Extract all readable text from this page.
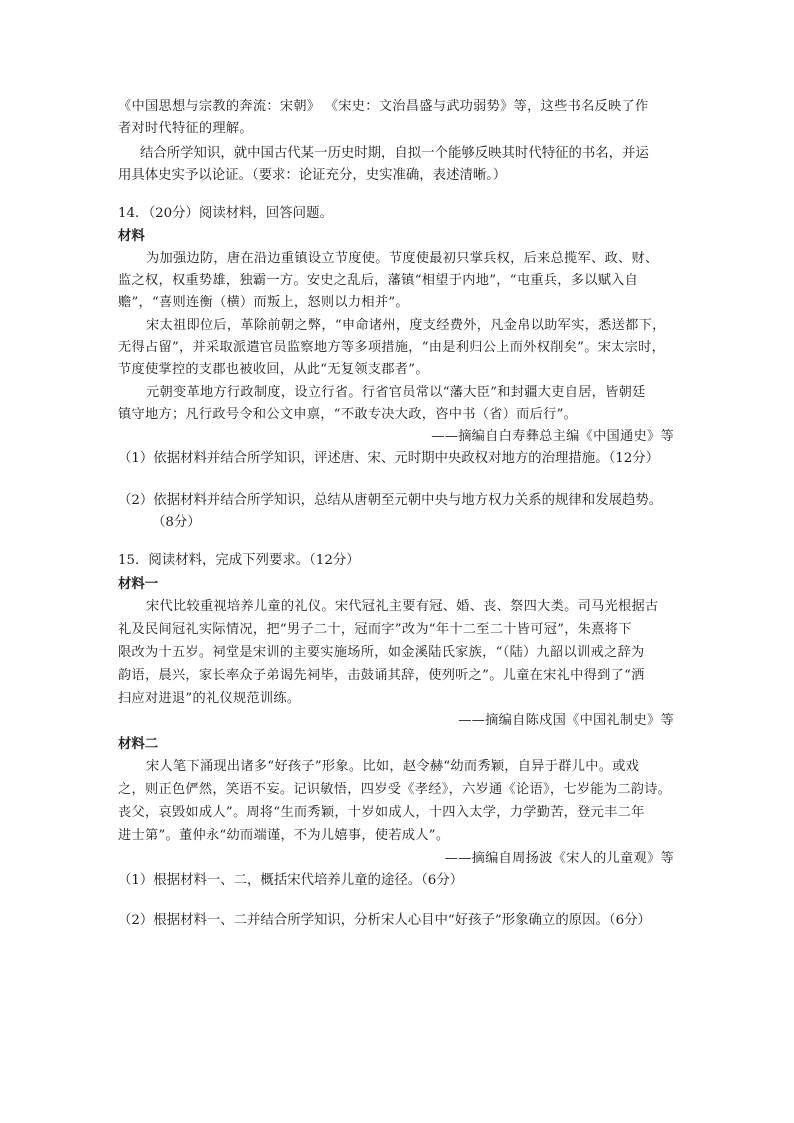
《中国思想与宗教的奔流：宋朝》 《宋史：文治昌盛与武功弱势》等，这些书名反映了作
者对时代特征的理解。
结合所学知识，就中国古代某一历史时期，自拟一个能够反映其时代特征的书名，并运
用具体史实予以论证。（要求：论证充分，史实准确，表述清晰。）
14．（20分）阅读材料，回答问题。
材料
为加强边防，唐在沿边重镇设立节度使。节度使最初只掌兵权，后来总揽军、政、财、
监之权，权重势雄，独霸一方。安史之乱后，藩镇“相望于内地”，“屯重兵，多以赋入自
赡”，“喜则连衡（横）而叛上，怒则以力相并”。
宋太祖即位后，革除前朝之弊，“申命诸州，度支经费外，凡金帛以助军实，悉送都下，
无得占留”，并采取派遣官员监察地方等多项措施，“由是利归公上而外权削矣”。宋太宗时，
节度使掌控的支郡也被收回，从此“无复领支郡者”。
元朝变革地方行政制度，设立行省。行省官员常以“藩大臣”和封疆大吏自居，皆朝廷
镇守地方；凡行政号令和公文申禀，“不敢专决大政，咨中书（省）而后行”。
——摘编自白寿彝总主编《中国通史》等
（1）依据材料并结合所学知识，评述唐、宋、元时期中央政权对地方的治理措施。（12分）
（2）依据材料并结合所学知识，总结从唐朝至元朝中央与地方权力关系的规律和发展趋势。
（8分）
15．阅读材料，完成下列要求。（12分）
材料一
宋代比较重视培养儿童的礼仪。宋代冠礼主要有冠、婚、丧、祭四大类。司马光根据古
礼及民间冠礼实际情况，把“男子二十，冠而字”改为“年十二至二十皆可冠”，朱熹将下
限改为十五岁。祠堂是宋训的主要实施场所，如金溪陆氏家族，“（陆）九韶以训戒之辞为
韵语，晨兴，家长率众子弟谒先祠毕，击鼓诵其辞，使列听之”。儿童在宋礼中得到了“洒
扫应对进退”的礼仪规范训练。
——摘编自陈戍国《中国礼制史》等
材料二
宋人笔下涌现出诸多“好孩子”形象。比如，赵令赫“幼而秀颖，自异于群儿中。或戏
之，则正色俨然，笑语不妄。记识敏悟，四岁受《孝经》，六岁通《论语》，七岁能为二韵诗。
丧父，哀毁如成人”。周将“生而秀颖，十岁如成人，十四入太学，力学勤苦，登元丰二年
进士第”。董仲永“幼而端谨，不为儿嬉事，使若成人”。
——摘编自周扬波《宋人的儿童观》等
（1）根据材料一、二，概括宋代培养儿童的途径。（6分）
（2）根据材料一、二并结合所学知识，分析宋人心目中“好孩子”形象确立的原因。（6分）
